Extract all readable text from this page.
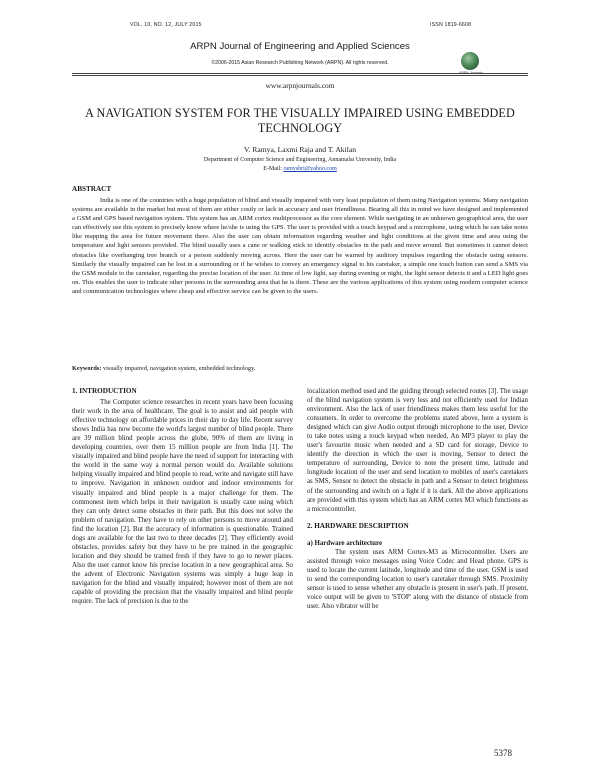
VOL. 10, NO. 12, JULY 2015	ISSN 1819-6608
ARPN Journal of Engineering and Applied Sciences
©2006-2015 Asian Research Publishing Network (ARPN). All rights reserved.
www.arpnjournals.com
A NAVIGATION SYSTEM FOR THE VISUALLY IMPAIRED USING EMBEDDED TECHNOLOGY
V. Ramya, Laxmi Raja and T. Akilan
Department of Computer Science and Engineering, Annamalai University, India
E-Mail: ramyshri@yahoo.com
ABSTRACT

India is one of the countries with a huge population of blind and visually impaired with very least population of them using Navigation systems. Many navigation systems are available in the market but most of them are either costly or lack in accuracy and user friendliness. Bearing all this in mind we have designed and implemented a GSM and GPS based navigation system. This system has an ARM cortex multiprocessor as the core element. While navigating in an unknown geographical area, the user can effectively use this system to precisely know where he/she is using the GPS. The user is provided with a touch keypad and a microphone, using which he can take notes like mapping the area for future movement there. Also the user can obtain information regarding weather and light conditions at the given time and area using the temperature and light sensors provided. The blind usually uses a cane or walking stick to identify obstacles in the path and move around. But sometimes it cannot detect obstacles like overhanging tree branch or a person suddenly moving across. Here the user can be warned by auditory impulses regarding the obstacle using sensors. Similarly the visually impaired can be lost in a surrounding or if he wishes to convey an emergency signal to his caretaker, a simple one touch button can send a SMS via the GSM module to the caretaker, regarding the precise location of the user. At time of low light, say during evening or night, the light sensor detects it and a LED light goes on. This enables the user to indicate other persons in the surrounding area that he is there. These are the various applications of this system using modern computer science and communication technologies where cheap and effective service can be given to the users.

Keywords: visually impaired, navigation system, embedded technology.

1. INTRODUCTION

The Computer science researches in recent years have been focusing their work in the area of healthcare. The goal is to assist and aid people with effective technology on affordable prices in their day to day life. Recent survey shows India has now become the world's largest number of blind people. There are 39 million blind people across the globe, 90% of them are living in developing countries, over them 15 million people are from India [1]. The visually impaired and blind people have the need of support for interacting with the world in the same way a normal person would do. Available solutions helping visually impaired and blind people to read, write and navigate still have to improve. Navigation in unknown outdoor and indoor environments for visually impaired and blind people is a major challenge for them. The commonest item which helps in their navigation is usually cane using which they can only detect some obstacles in their path. But this does not solve the problem of navigation. They have to rely on other persons to move around and find the location [2]. But the accuracy of information is questionable. Trained dogs are available for the last two to three decades [2]. They efficiently avoid obstacles, provides safety but they have to be pre trained in the geographic location and they should be trained fresh if they have to go to newer places. Also the user cannot know his precise location in a new geographical area. So the advent of Electronic Navigation systems was simply a huge leap in navigation for the blind and visually impaired; however most of them are not capable of providing the precision that the visually impaired and blind people require. The lack of precision is due to the

localization method used and the guiding through selected routes [3]. The usage of the blind navigation system is very less and not efficiently used for Indian environment. Also the lack of user friendliness makes them less useful for the consumers. In order to overcome the problems stated above, here a system is designed which can give Audio output through microphone to the user, Device to take notes using a touch keypad when needed, An MP3 player to play the user's favourite music when needed and a SD card for storage, Device to identify the direction in which the user is moving, Sensor to detect the temperature of surrounding, Device to note the present time, latitude and longitude location of the user and send location to mobiles of user's caretakers as SMS, Sensor to detect the obstacle in path and a Sensor to detect brightness of the surrounding and switch on a light if it is dark. All the above applications are provided with this system which has an ARM cortex M3 which functions as a microcontroller.

2. HARDWARE DESCRIPTION

a) Hardware architecture

The system uses ARM Cortex-M3 as Microcontroller. Users are assisted through voice messages using Voice Codec and Head phone. GPS is used to locate the current latitude, longitude and time of the user. GSM is used to send the corresponding location to user's caretaker through SMS. Proximity sensor is used to sense whether any obstacle is present in user's path. If present, voice output will be given to 'STOP' along with the distance of obstacle from user. Also vibrator will be

5378
